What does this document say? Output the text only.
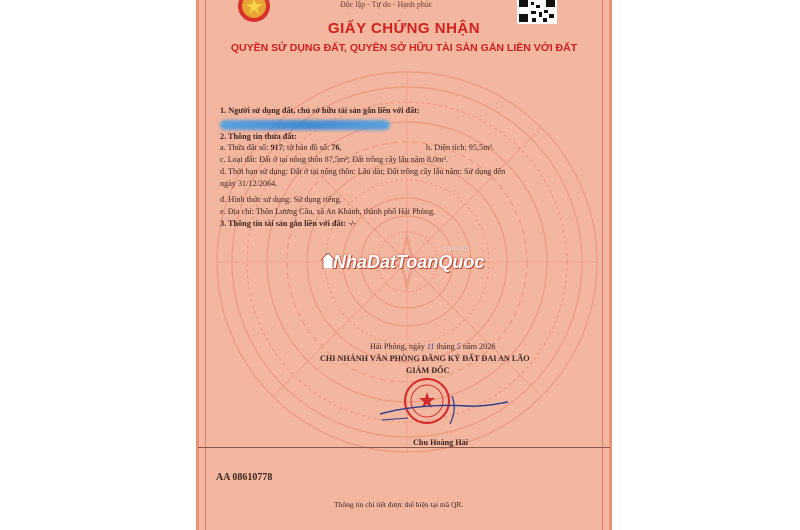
Độc lập - Tự do - Hạnh phúc
GIẤY CHỨNG NHẬN
QUYỀN SỬ DỤNG ĐẤT, QUYỀN SỞ HỮU TÀI SẢN GẮN LIỀN VỚI ĐẤT
1. Người sử dụng đất, chủ sở hữu tài sản gắn liền với đất:
2. Thông tin thửa đất:
a. Thửa đất số: 917; tờ bản đồ số: 76,	b. Diện tích: 95,5m².
c. Loại đất: Đất ở tại nông thôn 87,5m²; Đất trồng cây lâu năm 8,0m².
d. Thời hạn sử dụng: Đất ở tại nông thôn: Lâu dài; Đất trồng cây lâu năm: Sử dụng đến
ngày 31/12/2064.
đ. Hình thức sử dụng: Sử dụng riêng.
e. Địa chỉ: Thôn Lương Câu, xã An Khánh, thành phố Hải Phòng.
3. Thông tin tài sản gắn liền với đất: -/-
NhaDatToanQuoc
.com.vn
Hải Phòng, ngày 11 tháng 5 năm 2026
CHI NHÁNH VĂN PHÒNG ĐĂNG KÝ ĐẤT ĐAI AN LÃO
GIÁM ĐỐC
Chu Hoàng Hải
AA 08610778
Thông tin chi tiết được thể hiện tại mã QR.
